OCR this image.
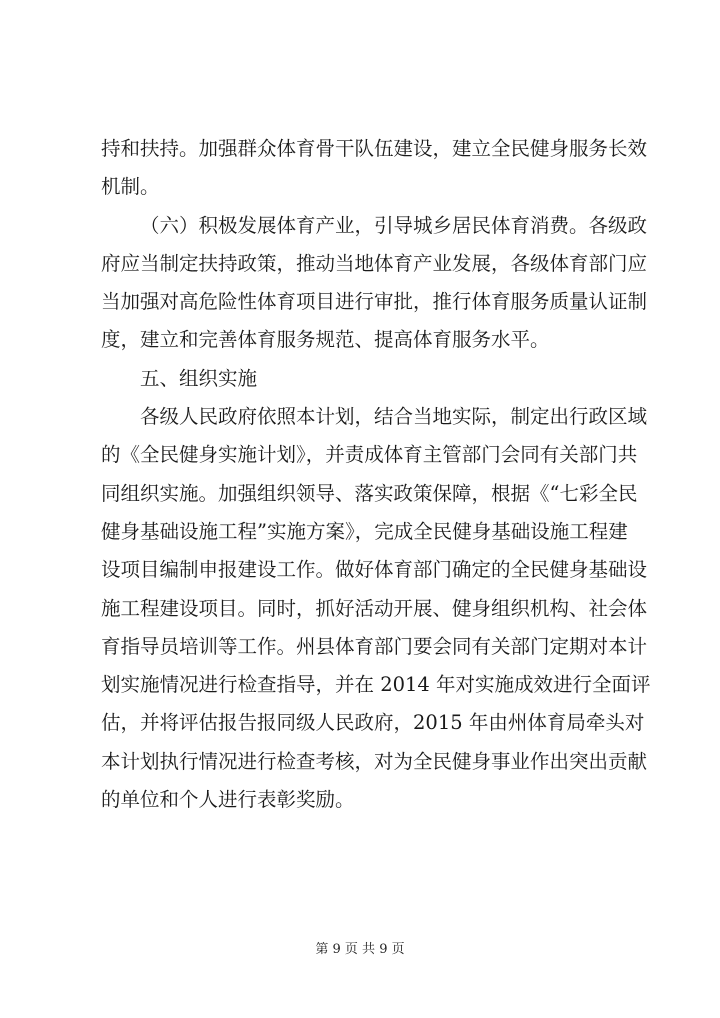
持和扶持。加强群众体育骨干队伍建设，建立全民健身服务长效
机制。
（六）积极发展体育产业，引导城乡居民体育消费。各级政
府应当制定扶持政策，推动当地体育产业发展，各级体育部门应
当加强对高危险性体育项目进行审批，推行体育服务质量认证制
度，建立和完善体育服务规范、提高体育服务水平。
五、组织实施
各级人民政府依照本计划，结合当地实际，制定出行政区域
的《全民健身实施计划》，并责成体育主管部门会同有关部门共
同组织实施。加强组织领导、落实政策保障，根据《“七彩全民
健身基础设施工程”实施方案》，完成全民健身基础设施工程建
设项目编制申报建设工作。做好体育部门确定的全民健身基础设
施工程建设项目。同时，抓好活动开展、健身组织机构、社会体
育指导员培训等工作。州县体育部门要会同有关部门定期对本计
划实施情况进行检查指导，并在 2014 年对实施成效进行全面评
估，并将评估报告报同级人民政府，2015 年由州体育局牵头对
本计划执行情况进行检查考核，对为全民健身事业作出突出贡献
的单位和个人进行表彰奖励。
第 9 页 共 9 页
